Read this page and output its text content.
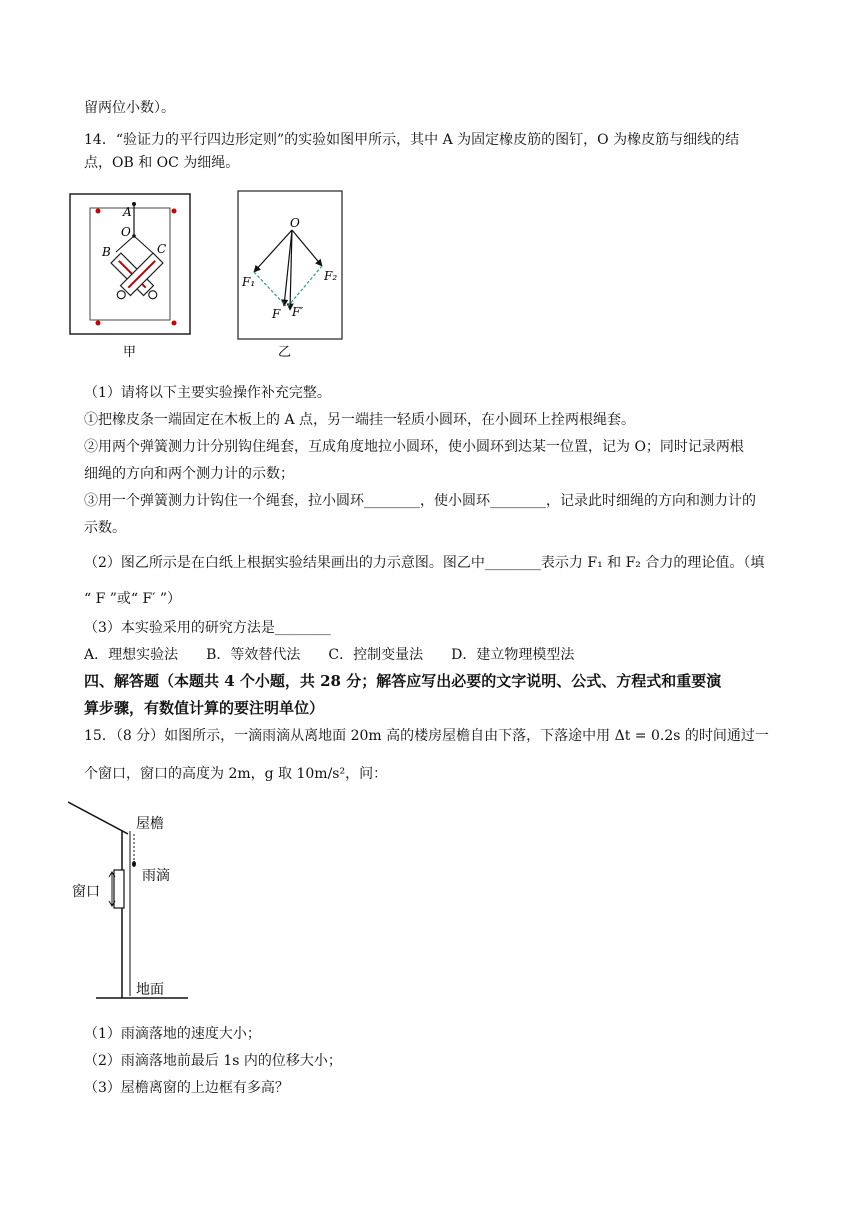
留两位小数）。
14．“验证力的平行四边形定则”的实验如图甲所示，其中 A 为固定橡皮筋的图钉，O 为橡皮筋与细线的结
点，OB 和 OC 为细绳。
A
O
B	C
甲
O
F₁	F₂
F F′
乙
（1）请将以下主要实验操作补充完整。
①把橡皮条一端固定在木板上的 A 点，另一端挂一轻质小圆环，在小圆环上拴两根绳套。
②用两个弹簧测力计分别钩住绳套，互成角度地拉小圆环，使小圆环到达某一位置，记为 O；同时记录两根
细绳的方向和两个测力计的示数；
③用一个弹簧测力计钩住一个绳套，拉小圆环________，使小圆环________，记录此时细绳的方向和测力计的
示数。
（2）图乙所示是在白纸上根据实验结果画出的力示意图。图乙中________表示力 F₁ 和 F₂ 合力的理论值。（填
“ F ”或“ F′ ”）
（3）本实验采用的研究方法是________
A．理想实验法　　B．等效替代法　　C．控制变量法　　D．建立物理模型法
四、解答题（本题共 4 个小题，共 28 分；解答应写出必要的文字说明、公式、方程式和重要演
算步骤，有数值计算的要注明单位）
15．（8 分）如图所示，一滴雨滴从离地面 20m 高的楼房屋檐自由下落，下落途中用 Δt = 0.2s 的时间通过一
个窗口，窗口的高度为 2m，g 取 10m/s²，问：
屋檐
雨滴
窗口
地面
（1）雨滴落地的速度大小；
（2）雨滴落地前最后 1s 内的位移大小；
（3）屋檐离窗的上边框有多高？
